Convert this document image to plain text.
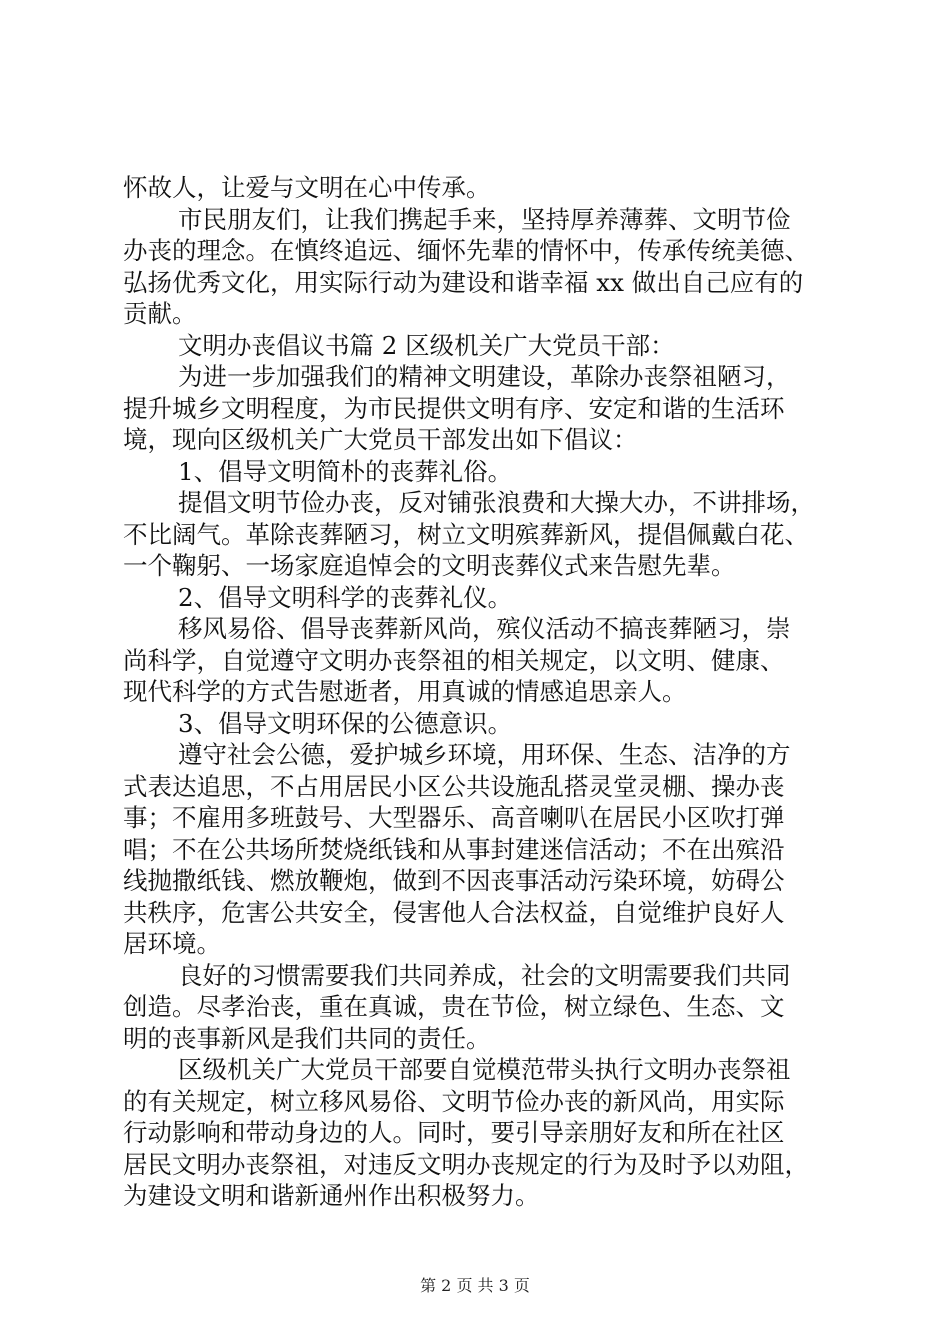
怀故人，让爱与文明在心中传承。
市民朋友们，让我们携起手来，坚持厚养薄葬、文明节俭
办丧的理念。在慎终追远、缅怀先辈的情怀中，传承传统美德、
弘扬优秀文化，用实际行动为建设和谐幸福 xx 做出自己应有的
贡献。
文明办丧倡议书篇 2 区级机关广大党员干部：
为进一步加强我们的精神文明建设，革除办丧祭祖陋习，
提升城乡文明程度，为市民提供文明有序、安定和谐的生活环
境，现向区级机关广大党员干部发出如下倡议：
1、倡导文明简朴的丧葬礼俗。
提倡文明节俭办丧，反对铺张浪费和大操大办，不讲排场，
不比阔气。革除丧葬陋习，树立文明殡葬新风，提倡佩戴白花、
一个鞠躬、一场家庭追悼会的文明丧葬仪式来告慰先辈。
2、倡导文明科学的丧葬礼仪。
移风易俗、倡导丧葬新风尚，殡仪活动不搞丧葬陋习，崇
尚科学，自觉遵守文明办丧祭祖的相关规定，以文明、健康、
现代科学的方式告慰逝者，用真诚的情感追思亲人。
3、倡导文明环保的公德意识。
遵守社会公德，爱护城乡环境，用环保、生态、洁净的方
式表达追思，不占用居民小区公共设施乱搭灵堂灵棚、操办丧
事；不雇用多班鼓号、大型器乐、高音喇叭在居民小区吹打弹
唱；不在公共场所焚烧纸钱和从事封建迷信活动；不在出殡沿
线抛撒纸钱、燃放鞭炮，做到不因丧事活动污染环境，妨碍公
共秩序，危害公共安全，侵害他人合法权益，自觉维护良好人
居环境。
良好的习惯需要我们共同养成，社会的文明需要我们共同
创造。尽孝治丧，重在真诚，贵在节俭，树立绿色、生态、文
明的丧事新风是我们共同的责任。
区级机关广大党员干部要自觉模范带头执行文明办丧祭祖
的有关规定，树立移风易俗、文明节俭办丧的新风尚，用实际
行动影响和带动身边的人。同时，要引导亲朋好友和所在社区
居民文明办丧祭祖，对违反文明办丧规定的行为及时予以劝阻，
为建设文明和谐新通州作出积极努力。
第 2 页 共 3 页
